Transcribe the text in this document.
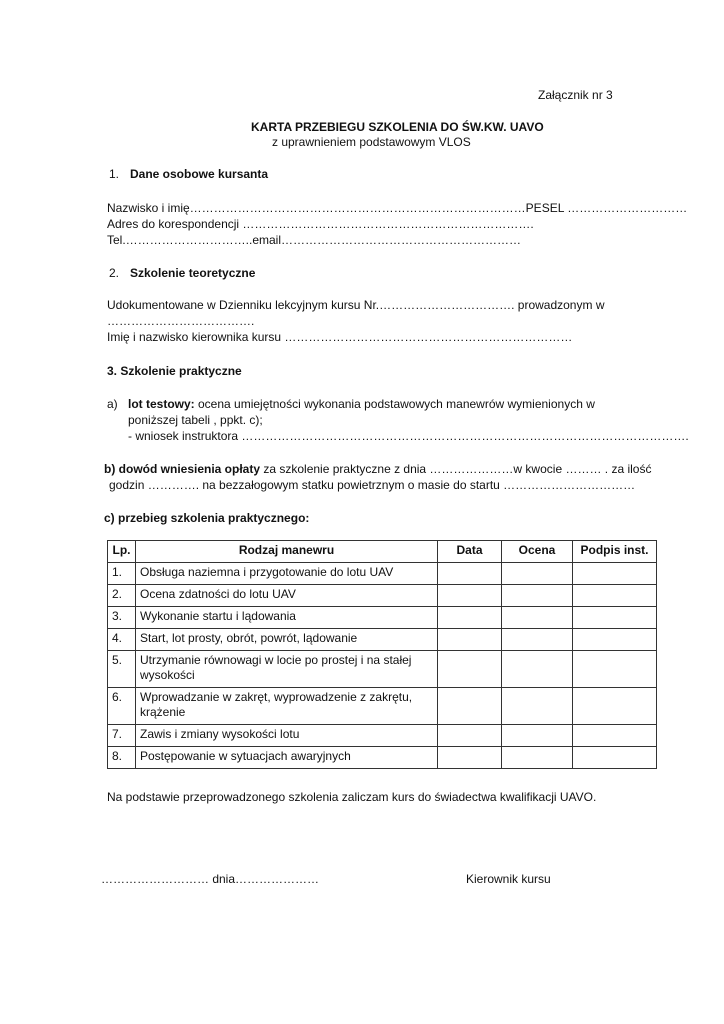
Załącznik nr 3
KARTA PRZEBIEGU SZKOLENIA DO ŚW.KW. UAVO
z uprawnieniem podstawowym VLOS
1. Dane osobowe kursanta
Nazwisko i imię…………………………………………………………………………PESEL …………………………
Adres do korespondencji ……………………………………………………………….
Tel.…………………………..email……………………………………………………
2. Szkolenie teoretyczne
Udokumentowane w Dzienniku lekcyjnym kursu Nr.……………………………. prowadzonym w
……………………………….
Imię i nazwisko kierownika kursu ………………………………………………………………
3. Szkolenie praktyczne
a) lot testowy: ocena umiejętności wykonania podstawowych manewrów wymienionych w
poniższej tabeli , ppkt. c);
- wniosek instruktora ………………………………………………………………………………………………….
b) dowód wniesienia opłaty za szkolenie praktyczne z dnia …………………w kwocie ……… . za ilość
godzin …………. na bezzałogowym statku powietrznym o masie do startu ……………………………
c) przebieg szkolenia praktycznego:
Lp.	Rodzaj manewru	Data	Ocena	Podpis inst.
1.	Obsługa naziemna i przygotowanie do lotu UAV			
2.	Ocena zdatności do lotu UAV			
3.	Wykonanie startu i lądowania			
4.	Start, lot prosty, obrót, powrót, lądowanie			
5.	Utrzymanie równowagi w locie po prostej i na stałej wysokości			
6.	Wprowadzanie w zakręt, wyprowadzenie z zakrętu, krążenie			
7.	Zawis i zmiany wysokości lotu			
8.	Postępowanie w sytuacjach awaryjnych			
Na podstawie przeprowadzonego szkolenia zaliczam kurs do świadectwa kwalifikacji UAVO.
……………………… dnia…………………	Kierownik kursu
